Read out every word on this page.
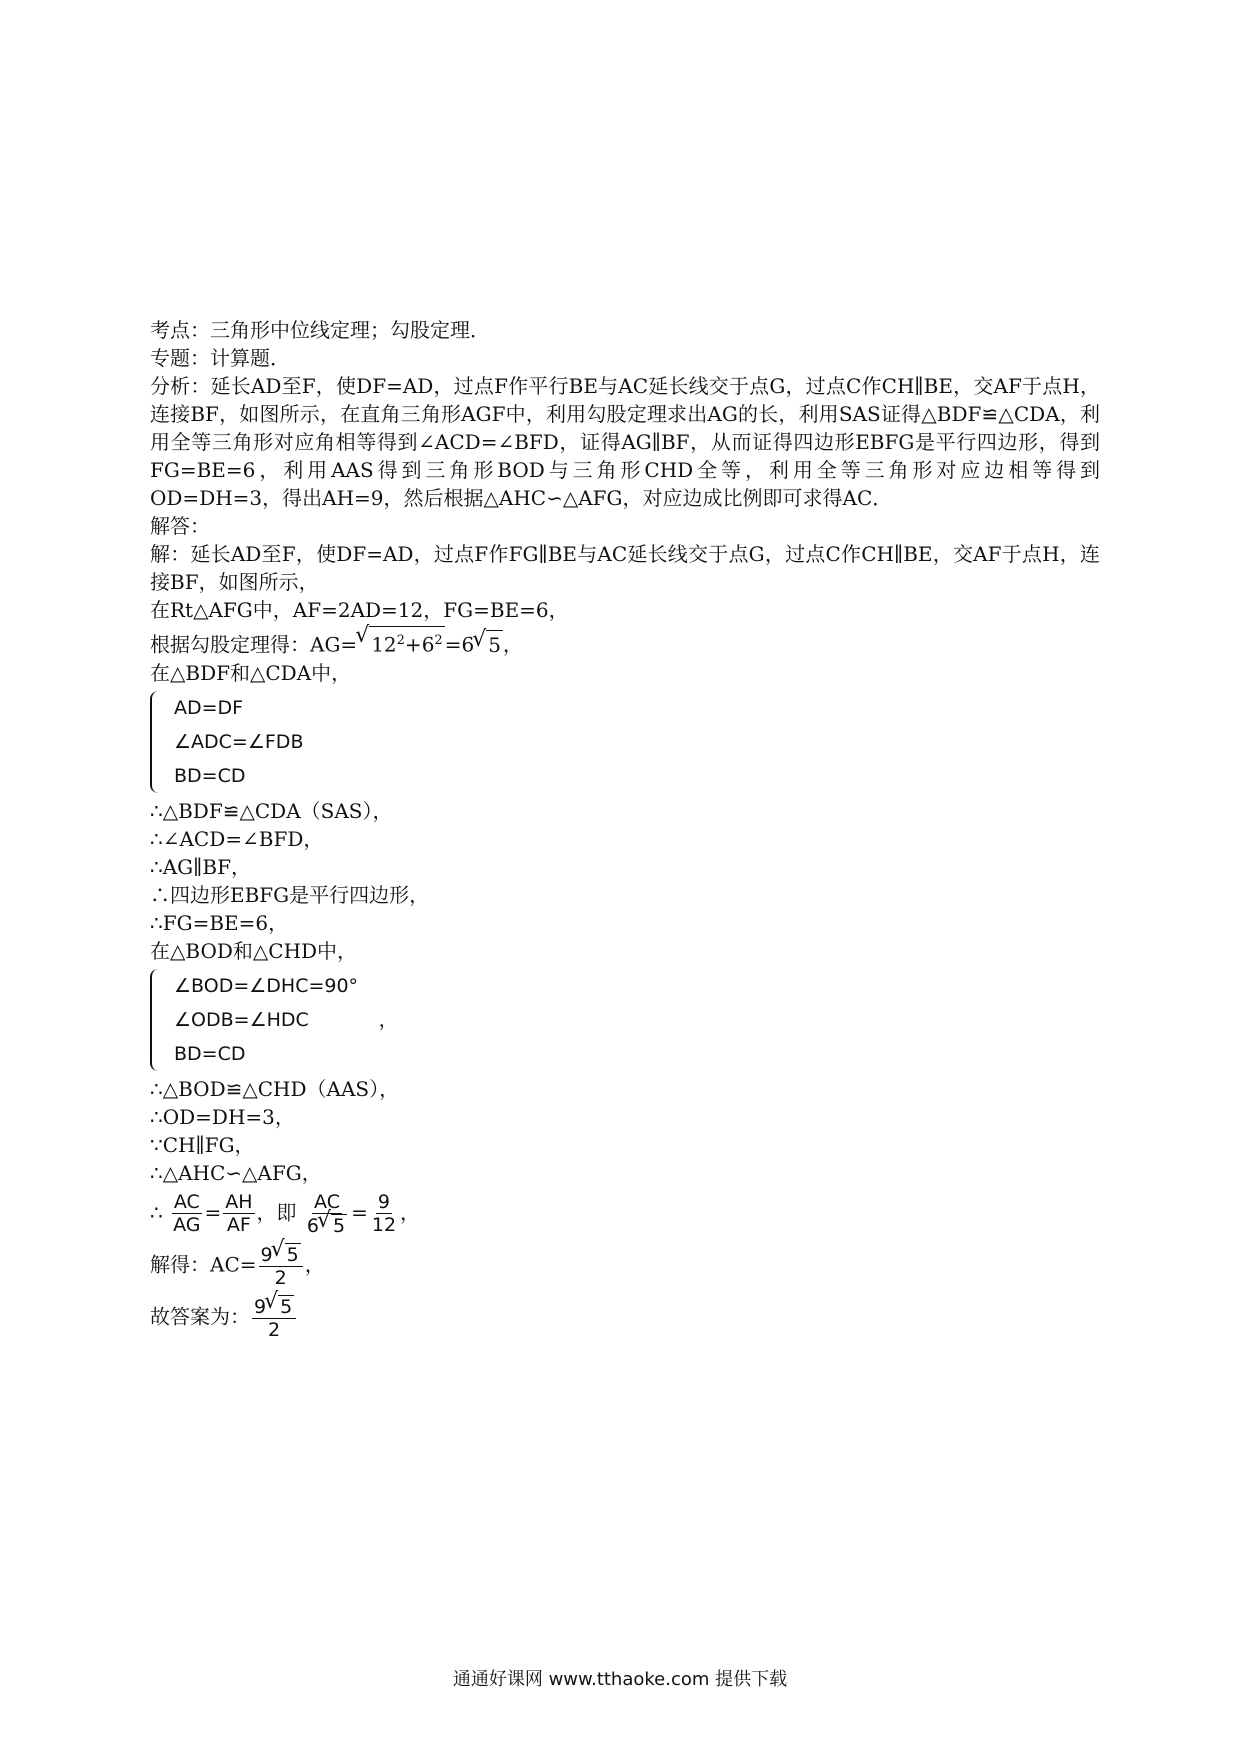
考点：三角形中位线定理；勾股定理．
专题：计算题．
分析：延长AD至F，使DF=AD，过点F作平行BE与AC延长线交于点G，过点C作CH∥BE，交AF于点H，连接BF，如图所示，在直角三角形AGF中，利用勾股定理求出AG的长，利用SAS证得△BDF≌△CDA，利用全等三角形对应角相等得到∠ACD=∠BFD，证得AG∥BF，从而证得四边形EBFG是平行四边形，得到FG=BE=6，利用AAS得到三角形BOD与三角形CHD全等，利用全等三角形对应边相等得到OD=DH=3，得出AH=9，然后根据△AHC∽△AFG，对应边成比例即可求得AC．
解答：
解：延长AD至F，使DF=AD，过点F作FG∥BE与AC延长线交于点G，过点C作CH∥BE，交AF于点H，连接BF，如图所示，
在Rt△AFG中，AF=2AD=12，FG=BE=6，
根据勾股定理得：AG=√ $12^2+6^2 =6√$ 5 ，
在△BDF和△CDA中，
AD=DF
∠ADC=∠FDB
BD=CD
∴△BDF≌△CDA（SAS），
∴∠ACD=∠BFD，
∴AG∥BF，
∴四边形EBFG是平行四边形，
∴FG=BE=6，
在△BOD和△CHD中，
∠BOD=∠DHC=90°
∠ODB=∠HDC	，
BD=CD
∴△BOD≌△CHD（AAS），
∴OD=DH=3，
∵CH∥FG，
∴△AHC∽△AFG，
∴ $\frac{AC}{AG} = \frac{AH}{AF}$ ，即 $\frac{AC}{6√ 5} = \frac{9}{12}$ ，
解得：$AC= \frac{9√ 5}{2}$ ，
故答案为： $\frac{9√ 5}{2}$
通通好课网 www.tthaoke.com 提供下载
